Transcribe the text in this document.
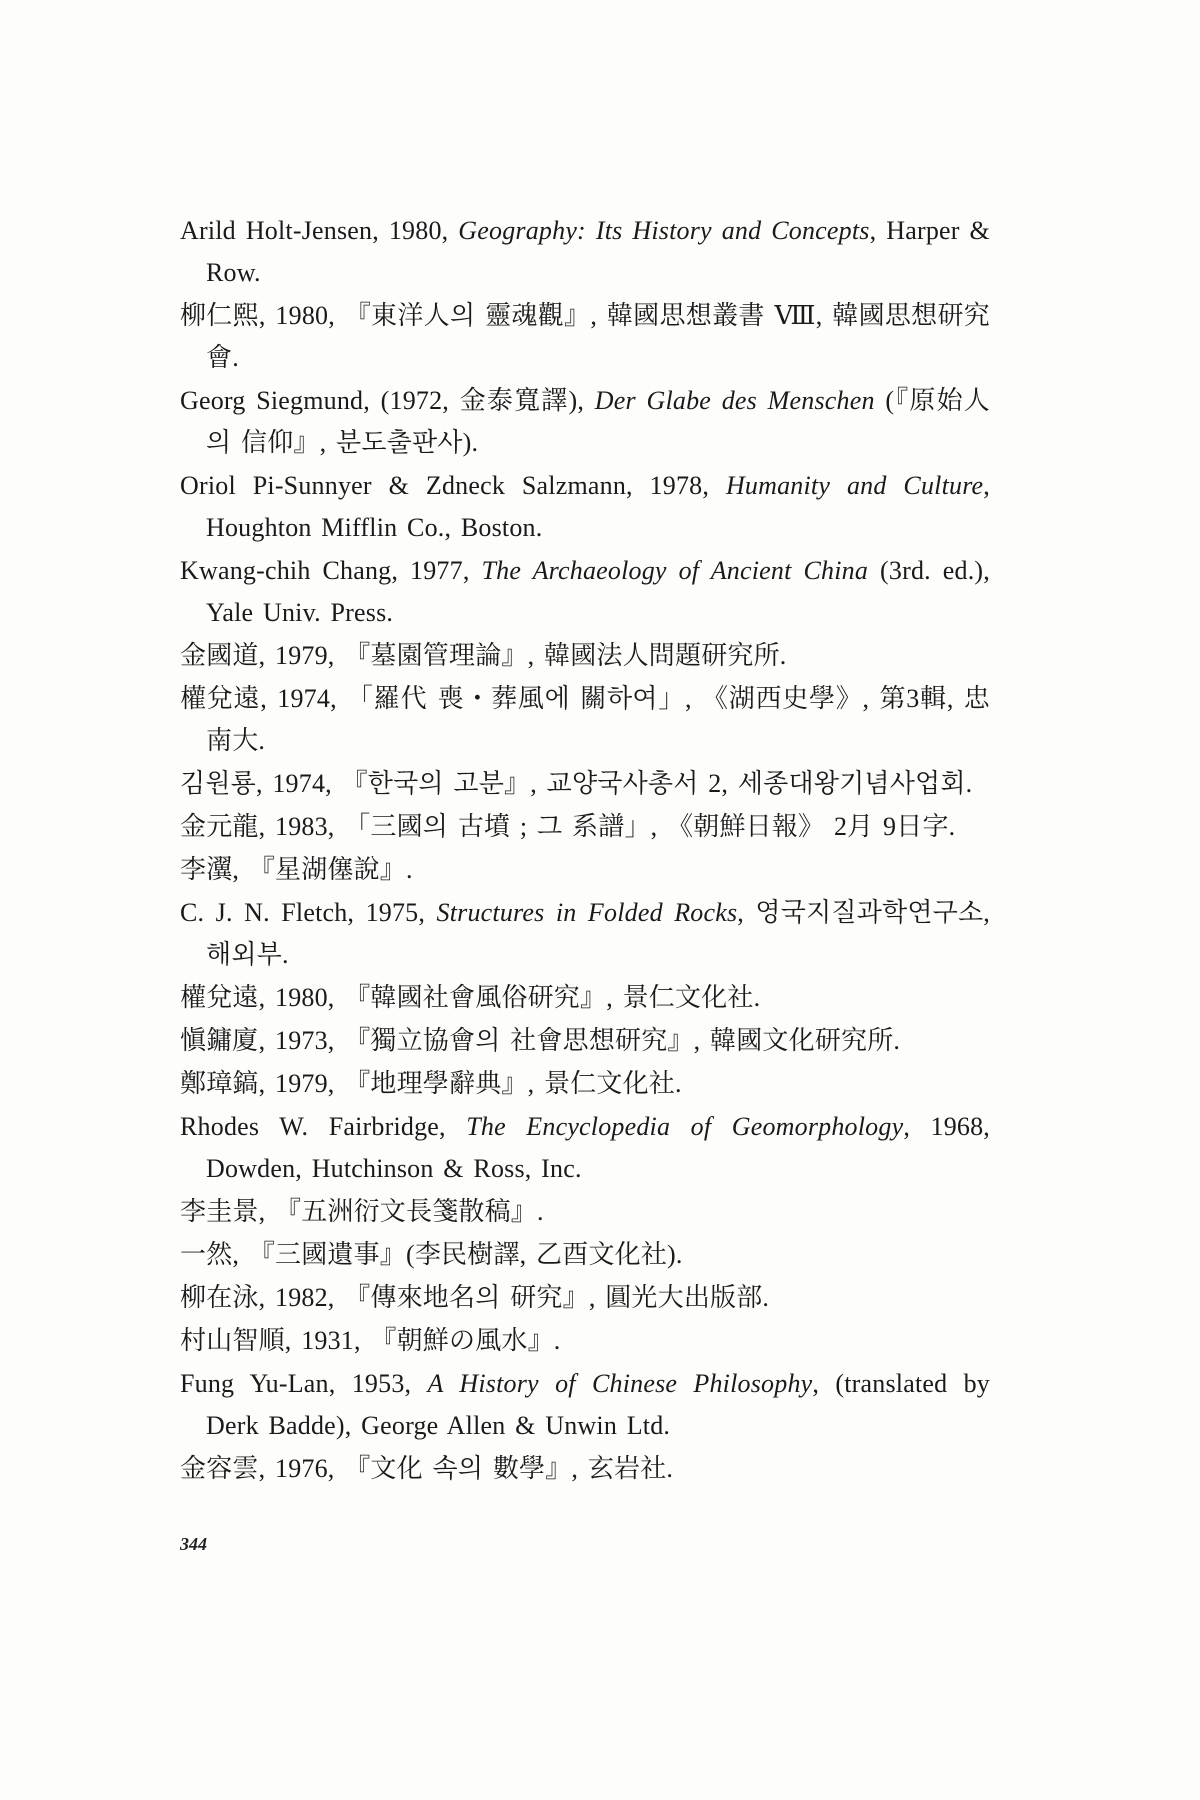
Arild Holt-Jensen, 1980, Geography: Its History and Concepts, Harper & Row.
柳仁熙, 1980, 『東洋人의 靈魂觀』, 韓國思想叢書 Ⅷ, 韓國思想研究會.
Georg Siegmund, (1972, 金泰寬譯), Der Glabe des Menschen (『原始人의 信仰』, 분도출판사).
Oriol Pi-Sunnyer & Zdneck Salzmann, 1978, Humanity and Culture, Houghton Mifflin Co., Boston.
Kwang-chih Chang, 1977, The Archaeology of Ancient China (3rd. ed.), Yale Univ. Press.
金國道, 1979, 『墓園管理論』, 韓國法人問題研究所.
權兌遠, 1974, 「羅代 喪・葬風에 關하여」, 《湖西史學》, 第3輯, 忠南大.
김원룡, 1974, 『한국의 고분』, 교양국사총서 2, 세종대왕기념사업회.
金元龍, 1983, 「三國의 古墳 ; 그 系譜」, 《朝鮮日報》 2月 9日字.
李瀷, 『星湖僿說』.
C. J. N. Fletch, 1975, Structures in Folded Rocks, 영국지질과학연구소, 해외부.
權兌遠, 1980, 『韓國社會風俗研究』, 景仁文化社.
愼鏞廈, 1973, 『獨立協會의 社會思想研究』, 韓國文化研究所.
鄭璋鎬, 1979, 『地理學辭典』, 景仁文化社.
Rhodes W. Fairbridge, The Encyclopedia of Geomorphology, 1968, Dowden, Hutchinson & Ross, Inc.
李圭景, 『五洲衍文長箋散稿』.
一然, 『三國遺事』(李民樹譯, 乙酉文化社).
柳在泳, 1982, 『傳來地名의 研究』, 圓光大出版部.
村山智順, 1931, 『朝鮮の風水』.
Fung Yu-Lan, 1953, A History of Chinese Philosophy, (translated by Derk Badde), George Allen & Unwin Ltd.
金容雲, 1976, 『文化 속의 數學』, 玄岩社.
344
